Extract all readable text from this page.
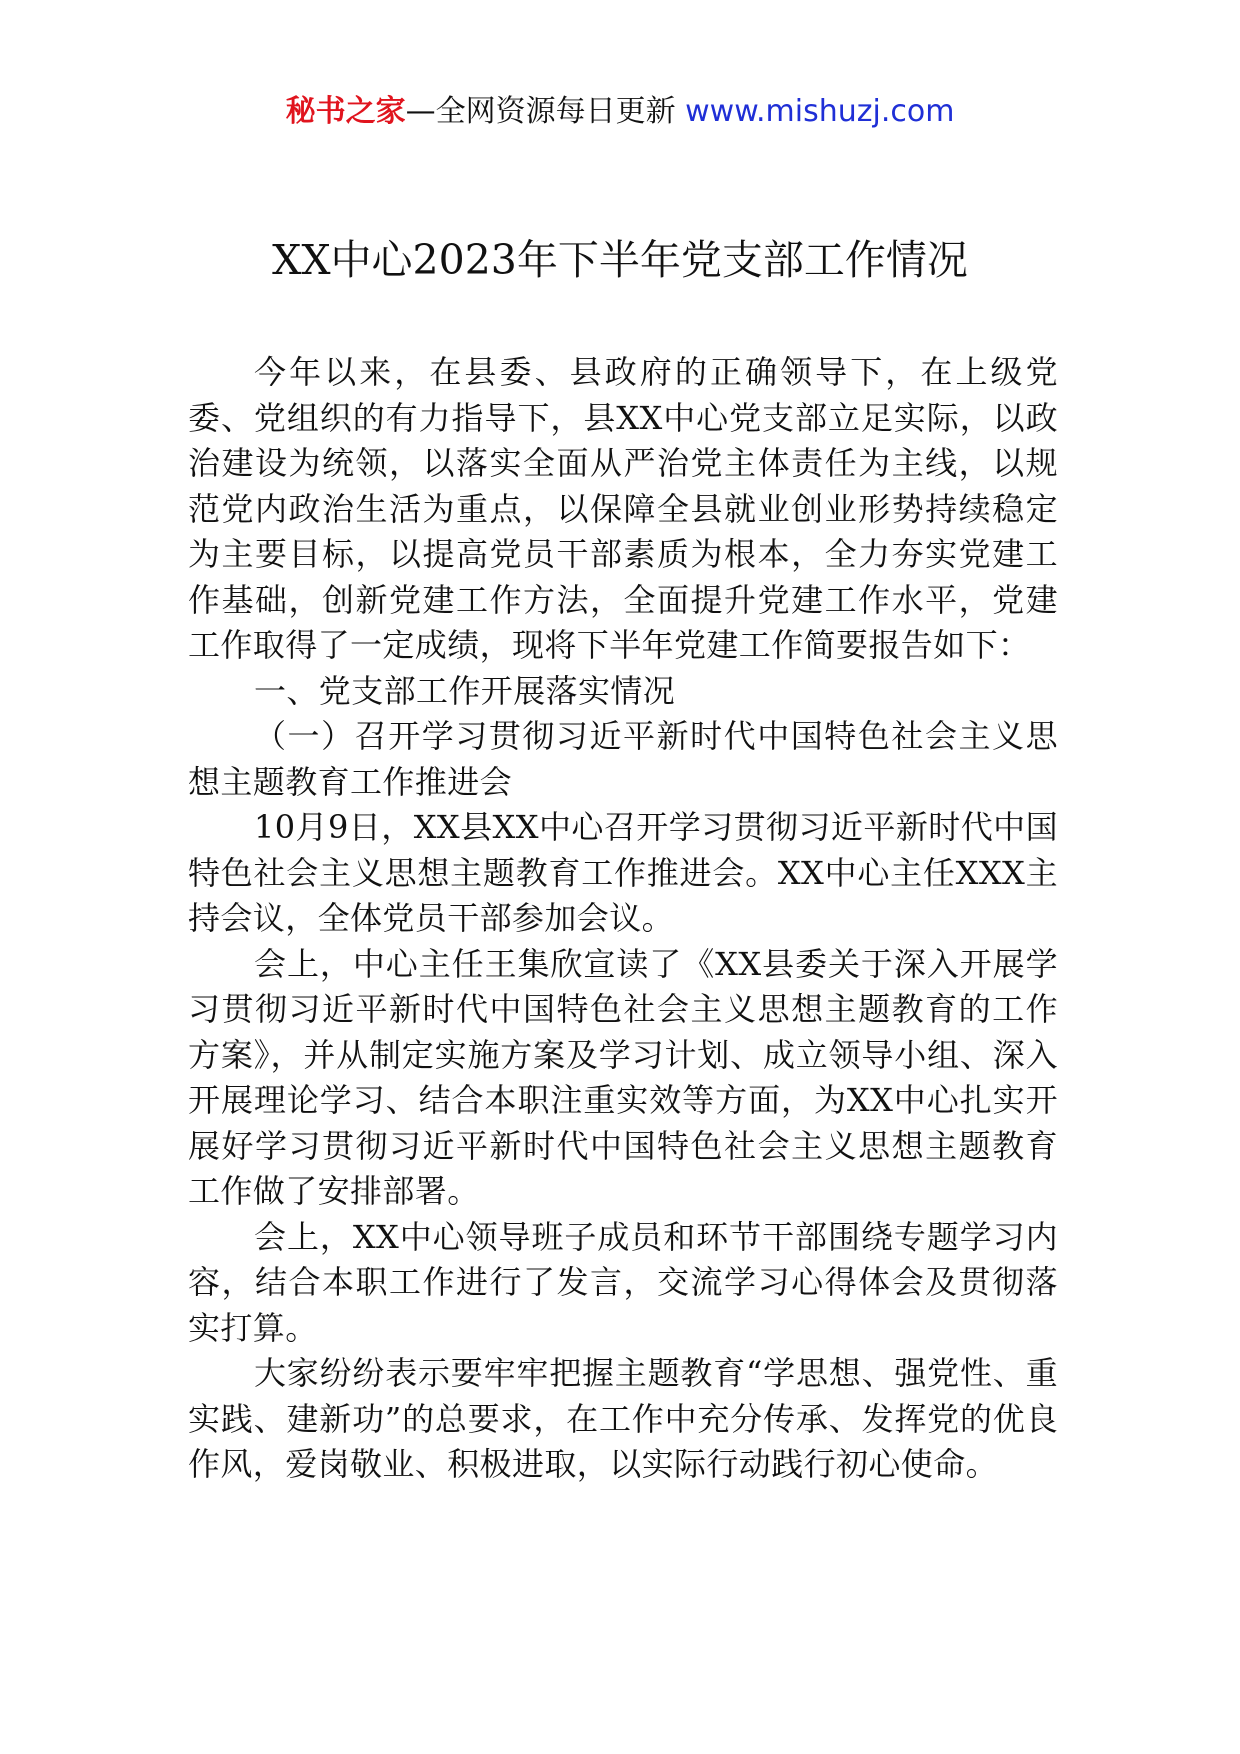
秘书之家—全网资源每日更新 www.mishuzj.com
XX中心2023年下半年党支部工作情况

今年以来，在县委、县政府的正确领导下，在上级党委、党组织的有力指导下，县XX中心党支部立足实际，以政治建设为统领，以落实全面从严治党主体责任为主线，以规范党内政治生活为重点，以保障全县就业创业形势持续稳定为主要目标，以提高党员干部素质为根本，全力夯实党建工作基础，创新党建工作方法，全面提升党建工作水平，党建工作取得了一定成绩，现将下半年党建工作简要报告如下：

一、党支部工作开展落实情况

（一）召开学习贯彻习近平新时代中国特色社会主义思想主题教育工作推进会

10月9日，XX县XX中心召开学习贯彻习近平新时代中国特色社会主义思想主题教育工作推进会。XX中心主任XXX主持会议，全体党员干部参加会议。

会上，中心主任王集欣宣读了《XX县委关于深入开展学习贯彻习近平新时代中国特色社会主义思想主题教育的工作方案》，并从制定实施方案及学习计划、成立领导小组、深入开展理论学习、结合本职注重实效等方面，为XX中心扎实开展好学习贯彻习近平新时代中国特色社会主义思想主题教育工作做了安排部署。

会上，XX中心领导班子成员和环节干部围绕专题学习内容，结合本职工作进行了发言，交流学习心得体会及贯彻落实打算。

大家纷纷表示要牢牢把握主题教育“学思想、强党性、重实践、建新功”的总要求，在工作中充分传承、发挥党的优良作风，爱岗敬业、积极进取，以实际行动践行初心使命。
